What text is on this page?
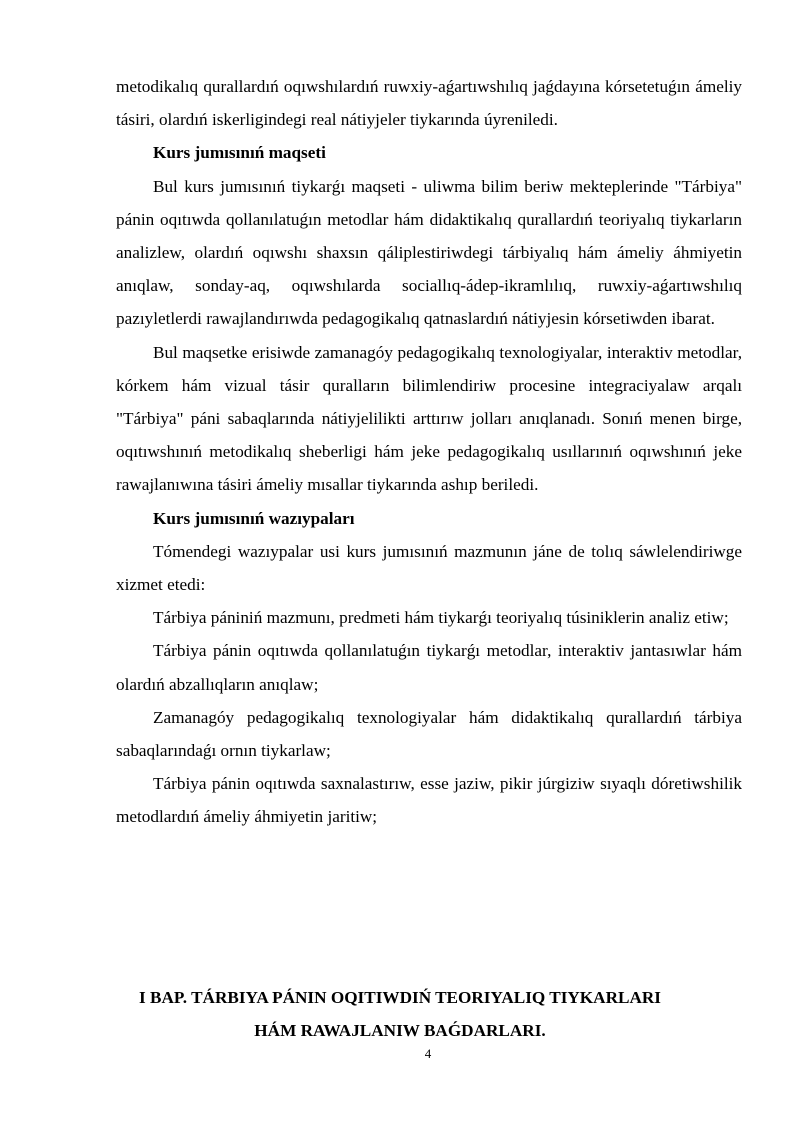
metodikalıq qurallardıń oqıwshılardıń ruwxiy-aǵartıwshılıq jaǵdayına kórsetetuǵın ámeliy tásiri, olardıń iskerligindegi real nátiyjeler tiykarında úyreniledi.

Kurs jumısınıń maqseti

Bul kurs jumısınıń tiykarǵı maqseti - uliwma bilim beriw mekteplerinde "Tárbiya" pánin oqıtıwda qollanılatuǵın metodlar hám didaktikalıq qurallardıń teoriyalıq tiykarların analizlew, olardıń oqıwshı shaxsın qáliplestiriwdegi tárbiyalıq hám ámeliy áhmiyetin anıqlaw, sonday-aq, oqıwshılarda sociallıq-ádep-ikramlılıq, ruwxiy-aǵartıwshılıq pazıyletlerdi rawajlandırıwda pedagogikalıq qatnaslardıń nátiyjesin kórsetiwden ibarat.

Bul maqsetke erisiwde zamanagóy pedagogikalıq texnologiyalar, interaktiv metodlar, kórkem hám vizual tásir quralların bilimlendiriw procesine integraciyalaw arqalı "Tárbiya" páni sabaqlarında nátiyjelilikti arttırıw jolları anıqlanadı. Sonıń menen birge, oqıtıwshınıń metodikalıq sheberligi hám jeke pedagogikalıq usıllarınıń oqıwshınıń jeke rawajlanıwına tásiri ámeliy mısallar tiykarında ashıp beriledi.

Kurs jumısınıń wazıypaları

Tómendegi wazıypalar usi kurs jumısınıń mazmunın jáne de tolıq sáwlelendiriwge xizmet etedi:

Tárbiya pániniń mazmunı, predmeti hám tiykarǵı teoriyalıq túsiniklerin analiz etiw;

Tárbiya pánin oqıtıwda qollanılatuǵın tiykarǵı metodlar, interaktiv jantasıwlar hám olardıń abzallıqların anıqlaw;

Zamanagóy pedagogikalıq texnologiyalar hám didaktikalıq qurallardıń tárbiya sabaqlarındaǵı ornın tiykarlaw;

Tárbiya pánin oqıtıwda saxnalastırıw, esse jaziw, pikir júrgiziw sıyaqlı dóretiwshilik metodlardıń ámeliy áhmiyetin jaritiw;

I BAP. TÁRBIYA PÁNIN OQITIWDIŃ TEORIYALIQ TIYKARLARI
HÁM RAWAJLANIW BAǴDARLARI.
4
